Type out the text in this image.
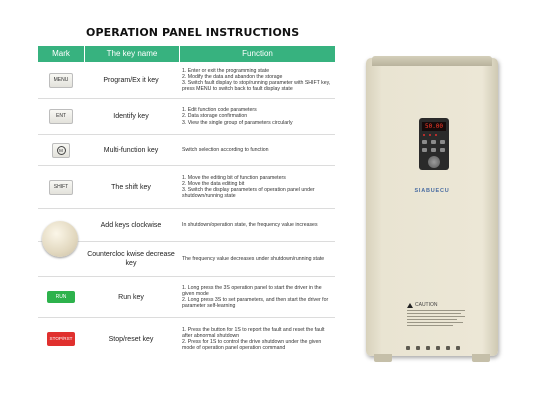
OPERATION PANEL INSTRUCTIONS
Mark	The key name	Function
MENU	Program/Ex it key
1. Enter or exit the programming state
2. Modify the data and abandon the storage
3. Switch fault display to stop/running parameter with SHIFT key, press MENU to switch back to fault display state
ENT	Identify key
1. Edit function code parameters
2. Data storage confirmation
3. View the single group of parameters circularly
M	Multi-function key	Switch selection according to function
SHIFT	The shift key
1. Move the editing bit of function parameters
2. Move the data editing bit
3. Switch the display parameters of operation panel under shutdown/running state
Add keys clockwise	In shutdown/operation state, the frequency value increases
Countercloc kwise decrease key
The frequency value decreases under shutdown/running state
RUN	Run key
1. Long press the 3S operation panel to start the driver in the given mode
2. Long press 3S to set parameters, and then start the driver for parameter self-learning
STOP/RST	Stop/reset key
1. Press the button for 1S to report the fault and reset the fault after abnormal shutdown
2. Press for 1S to control the drive shutdown under the given mode of operation panel operation command
50.00
SIABUECU
CAUTION
